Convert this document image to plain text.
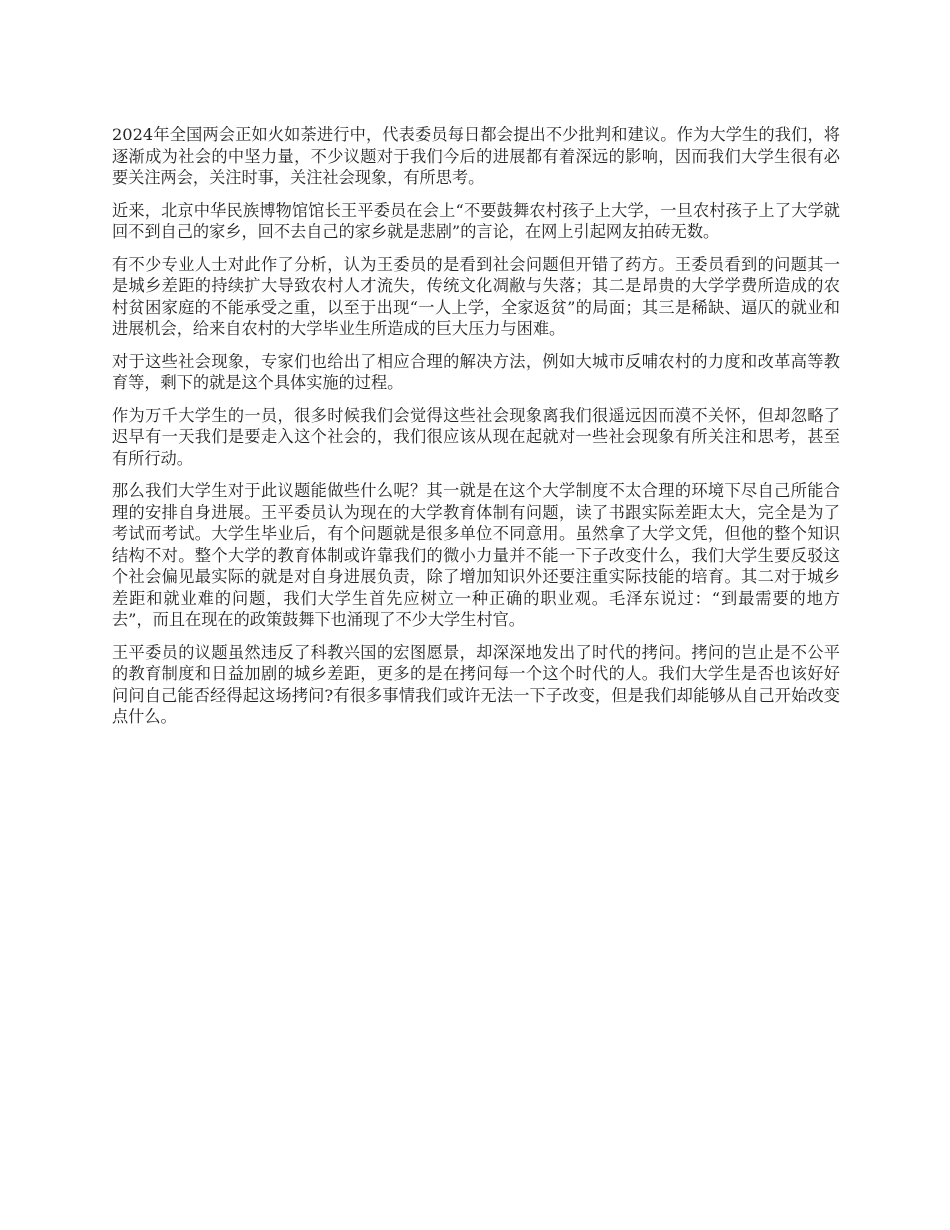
2024年全国两会正如火如荼进行中，代表委员每日都会提出不少批判和建议。作为大学生的我们，将逐渐成为社会的中坚力量，不少议题对于我们今后的进展都有着深远的影响，因而我们大学生很有必要关注两会，关注时事，关注社会现象，有所思考。

近来，北京中华民族博物馆馆长王平委员在会上“不要鼓舞农村孩子上大学，一旦农村孩子上了大学就回不到自己的家乡，回不去自己的家乡就是悲剧”的言论，在网上引起网友拍砖无数。

有不少专业人士对此作了分析，认为王委员的是看到社会问题但开错了药方。王委员看到的问题其一是城乡差距的持续扩大导致农村人才流失，传统文化凋敝与失落；其二是昂贵的大学学费所造成的农村贫困家庭的不能承受之重，以至于出现“一人上学，全家返贫”的局面；其三是稀缺、逼仄的就业和进展机会，给来自农村的大学毕业生所造成的巨大压力与困难。

对于这些社会现象，专家们也给出了相应合理的解决方法，例如大城市反哺农村的力度和改革高等教育等，剩下的就是这个具体实施的过程。

作为万千大学生的一员，很多时候我们会觉得这些社会现象离我们很遥远因而漠不关怀，但却忽略了迟早有一天我们是要走入这个社会的，我们很应该从现在起就对一些社会现象有所关注和思考，甚至有所行动。

那么我们大学生对于此议题能做些什么呢？其一就是在这个大学制度不太合理的环境下尽自己所能合理的安排自身进展。王平委员认为现在的大学教育体制有问题，读了书跟实际差距太大，完全是为了考试而考试。大学生毕业后，有个问题就是很多单位不同意用。虽然拿了大学文凭，但他的整个知识结构不对。整个大学的教育体制或许靠我们的微小力量并不能一下子改变什么，我们大学生要反驳这个社会偏见最实际的就是对自身进展负责，除了增加知识外还要注重实际技能的培育。其二对于城乡差距和就业难的问题，我们大学生首先应树立一种正确的职业观。毛泽东说过：“到最需要的地方去”，而且在现在的政策鼓舞下也涌现了不少大学生村官。

王平委员的议题虽然违反了科教兴国的宏图愿景，却深深地发出了时代的拷问。拷问的岂止是不公平的教育制度和日益加剧的城乡差距，更多的是在拷问每一个这个时代的人。我们大学生是否也该好好问问自己能否经得起这场拷问?有很多事情我们或许无法一下子改变，但是我们却能够从自己开始改变点什么。
